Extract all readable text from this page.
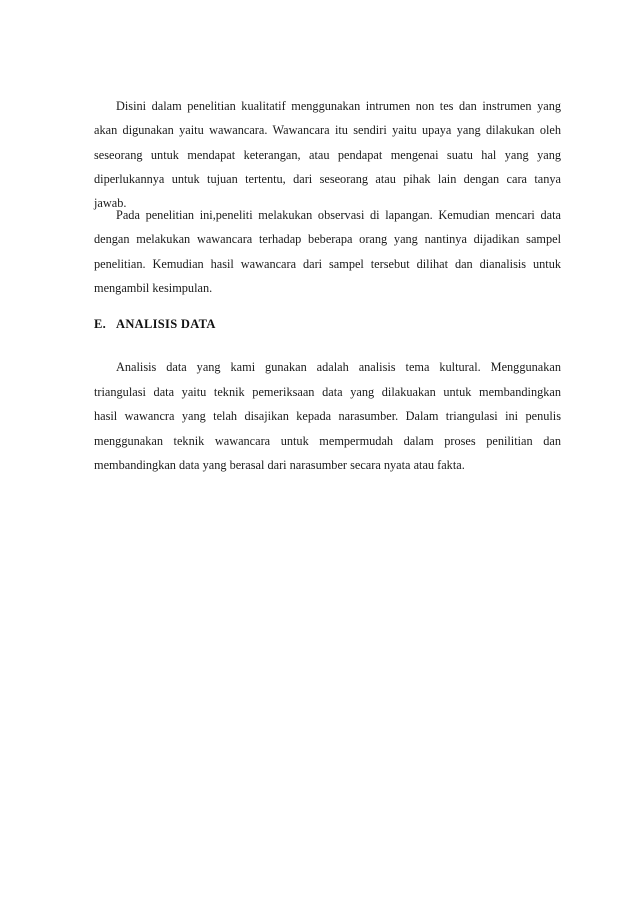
Disini dalam penelitian kualitatif menggunakan intrumen non tes dan instrumen yang
akan digunakan yaitu wawancara. Wawancara itu sendiri yaitu upaya yang dilakukan oleh
seseorang untuk mendapat keterangan, atau pendapat mengenai suatu hal yang yang
diperlukannya untuk tujuan tertentu, dari seseorang atau pihak lain dengan cara tanya
jawab.
Pada penelitian ini,peneliti melakukan observasi di lapangan. Kemudian mencari data
dengan melakukan wawancara terhadap beberapa orang yang nantinya dijadikan sampel
penelitian. Kemudian hasil wawancara dari sampel tersebut dilihat dan dianalisis untuk
mengambil kesimpulan.
E. ANALISIS DATA
Analisis data yang kami gunakan adalah analisis tema kultural. Menggunakan
triangulasi data yaitu teknik pemeriksaan data yang dilakuakan untuk membandingkan
hasil wawancra yang telah disajikan kepada narasumber. Dalam triangulasi ini penulis
menggunakan teknik wawancara untuk mempermudah dalam proses penilitian dan
membandingkan data yang berasal dari narasumber secara nyata atau fakta.
